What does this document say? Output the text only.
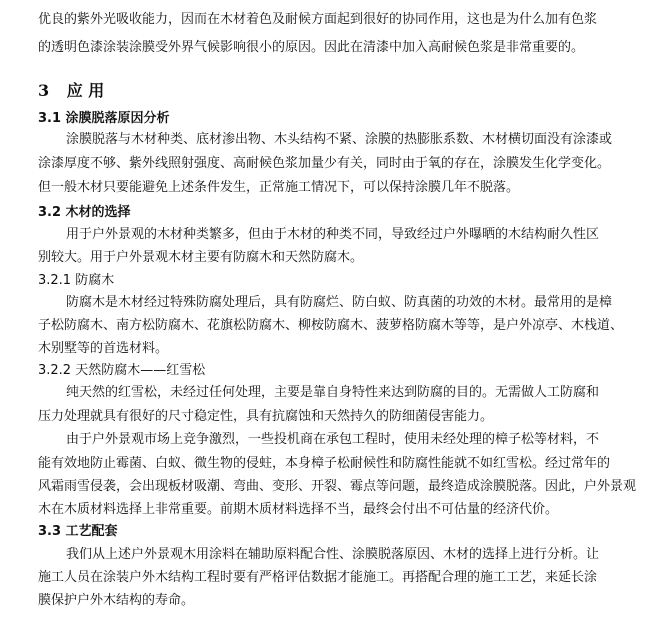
优良的紫外光吸收能力，因而在木材着色及耐候方面起到很好的协同作用，这也是为什么加有色浆
的透明色漆涂装涂膜受外界气候影响很小的原因。因此在清漆中加入高耐候色浆是非常重要的。
3 应 用
3.1 涂膜脱落原因分析
涂膜脱落与木材种类、底材渗出物、木头结构不紧、涂膜的热膨胀系数、木材横切面没有涂漆或
涂漆厚度不够、紫外线照射强度、高耐候色浆加量少有关，同时由于氧的存在，涂膜发生化学变化。
但一般木材只要能避免上述条件发生，正常施工情况下，可以保持涂膜几年不脱落。
3.2 木材的选择
用于户外景观的木材种类繁多，但由于木材的种类不同，导致经过户外曝晒的木结构耐久性区
别较大。用于户外景观木材主要有防腐木和天然防腐木。
3.2.1 防腐木
防腐木是木材经过特殊防腐处理后，具有防腐烂、防白蚁、防真菌的功效的木材。最常用的是樟
子松防腐木、南方松防腐木、花旗松防腐木、柳桉防腐木、菠萝格防腐木等等，是户外凉亭、木栈道、
木别墅等的首选材料。
3.2.2 天然防腐木——红雪松
纯天然的红雪松，未经过任何处理，主要是靠自身特性来达到防腐的目的。无需做人工防腐和
压力处理就具有很好的尺寸稳定性，具有抗腐蚀和天然持久的防细菌侵害能力。
由于户外景观市场上竞争激烈，一些投机商在承包工程时，使用未经处理的樟子松等材料，不
能有效地防止霉菌、白蚁、微生物的侵蛀，本身樟子松耐候性和防腐性能就不如红雪松。经过常年的
风霜雨雪侵袭，会出现板材吸潮、弯曲、变形、开裂、霉点等问题，最终造成涂膜脱落。因此，户外景观
木在木质材料选择上非常重要。前期木质材料选择不当，最终会付出不可估量的经济代价。
3.3 工艺配套
我们从上述户外景观木用涂料在辅助原料配合性、涂膜脱落原因、木材的选择上进行分析。让
施工人员在涂装户外木结构工程时要有严格评估数据才能施工。再搭配合理的施工工艺，来延长涂
膜保护户外木结构的寿命。
